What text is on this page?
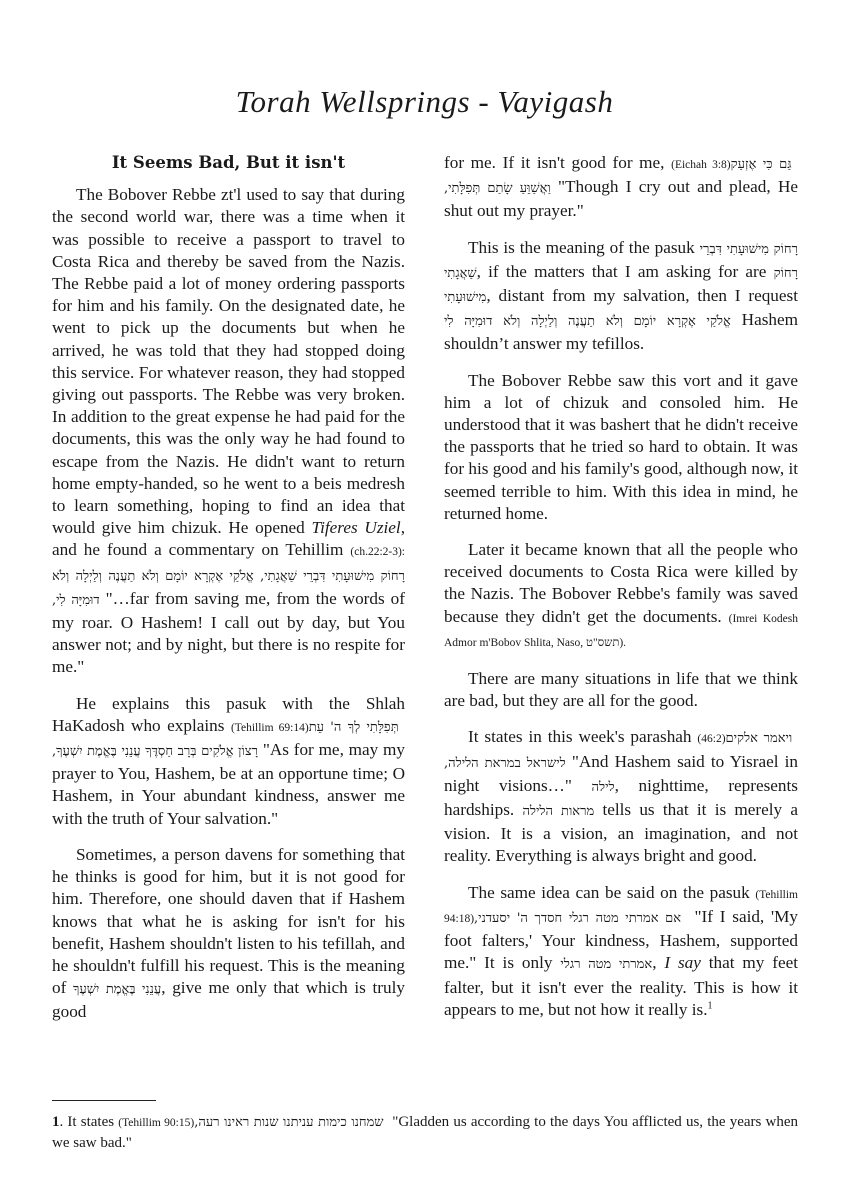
Torah Wellsprings - Vayigash
It Seems Bad, But it isn't

The Bobover Rebbe zt'l used to say that during the second world war, there was a time when it was possible to receive a passport to travel to Costa Rica and thereby be saved from the Nazis. The Rebbe paid a lot of money ordering passports for him and his family. On the designated date, he went to pick up the documents but when he arrived, he was told that they had stopped doing this service. For whatever reason, they had stopped giving out passports. The Rebbe was very broken. In addition to the great expense he had paid for the documents, this was the only way he had found to escape from the Nazis. He didn't want to return home empty-handed, so he went to a beis medresh to learn something, hoping to find an idea that would give him chizuk. He opened Tiferes Uziel, and he found a commentary on Tehillim (ch.22:2-3): רָחוֹק מִישׁוּעָתִי דִּבְרֵי שַׁאֲגָתִי, אֱלֹקַי אֶקְרָא יוֹמָם וְלֹא תַעֲנֶה וְלַיְלָה וְלֹא דוּמִיָּה לִי, "…far from saving me, from the words of my roar. O Hashem! I call out by day, but You answer not; and by night, but there is no respite for me."

He explains this pasuk with the Shlah HaKadosh who explains (Tehillim 69:14) תְּפִלָּתִי לְךָ ה' עֵת רָצוֹן אֱלֹקִים בְּרָב חַסְדֶּךָ עֲנֵנִי בֶּאֱמֶת יִשְׁעֶךָ, "As for me, may my prayer to You, Hashem, be at an opportune time; O Hashem, in Your abundant kindness, answer me with the truth of Your salvation."

Sometimes, a person davens for something that he thinks is good for him, but it is not good for him. Therefore, one should daven that if Hashem knows that what he is asking for isn't for his benefit, Hashem shouldn't listen to his tefillah, and he shouldn't fulfill his request. This is the meaning of עֲנֵנִי בֶּאֱמֶת יִשְׁעֶךָ, give me only that which is truly good

for me. If it isn't good for me, (Eichah 3:8) גַּם כִּי אֶזְעַק וַאֲשַׁוֵּעַ שָׂתַם תְּפִלָּתִי, "Though I cry out and plead, He shut out my prayer."

This is the meaning of the pasuk רָחוֹק מִישׁוּעָתִי דִּבְרֵי שַׁאֲגָתִי, if the matters that I am asking for are רָחוֹק מִישׁוּעָתִי, distant from my salvation, then I request אֱלֹקַי אֶקְרָא יוֹמָם וְלֹא תַעֲנֶה וְלַיְלָה וְלֹא דוּמִיָּה לִי Hashem shouldn’t answer my tefillos.

The Bobover Rebbe saw this vort and it gave him a lot of chizuk and consoled him. He understood that it was bashert that he didn't receive the passports that he tried so hard to obtain. It was for his good and his family's good, although now, it seemed terrible to him. With this idea in mind, he returned home.

Later it became known that all the people who received documents to Costa Rica were killed by the Nazis. The Bobover Rebbe's family was saved because they didn't get the documents. (Imrei Kodesh Admor m'Bobov Shlita, Naso, תשס"ט).

There are many situations in life that we think are bad, but they are all for the good.

It states in this week's parashah (46:2) ויאמר אלקים לישראל במראת הלילה, "And Hashem said to Yisrael in night visions…" לילה, nighttime, represents hardships. מראות הלילה tells us that it is merely a vision. It is a vision, an imagination, and not reality. Everything is always bright and good.

The same idea can be said on the pasuk (Tehillim 94:18) אם אמרתי מטה רגלי חסדך ה' יסעדני, "If I said, 'My foot falters,' Your kindness, Hashem, supported me." It is only אמרתי מטה רגלי, I say that my feet falter, but it isn't ever the reality. This is how it appears to me, but not how it really is.$^1$

1. It states (Tehillim 90:15) שמחנו כימות עניתנו שנות ראינו רעה, "Gladden us according to the days You afflicted us, the years when we saw bad."
